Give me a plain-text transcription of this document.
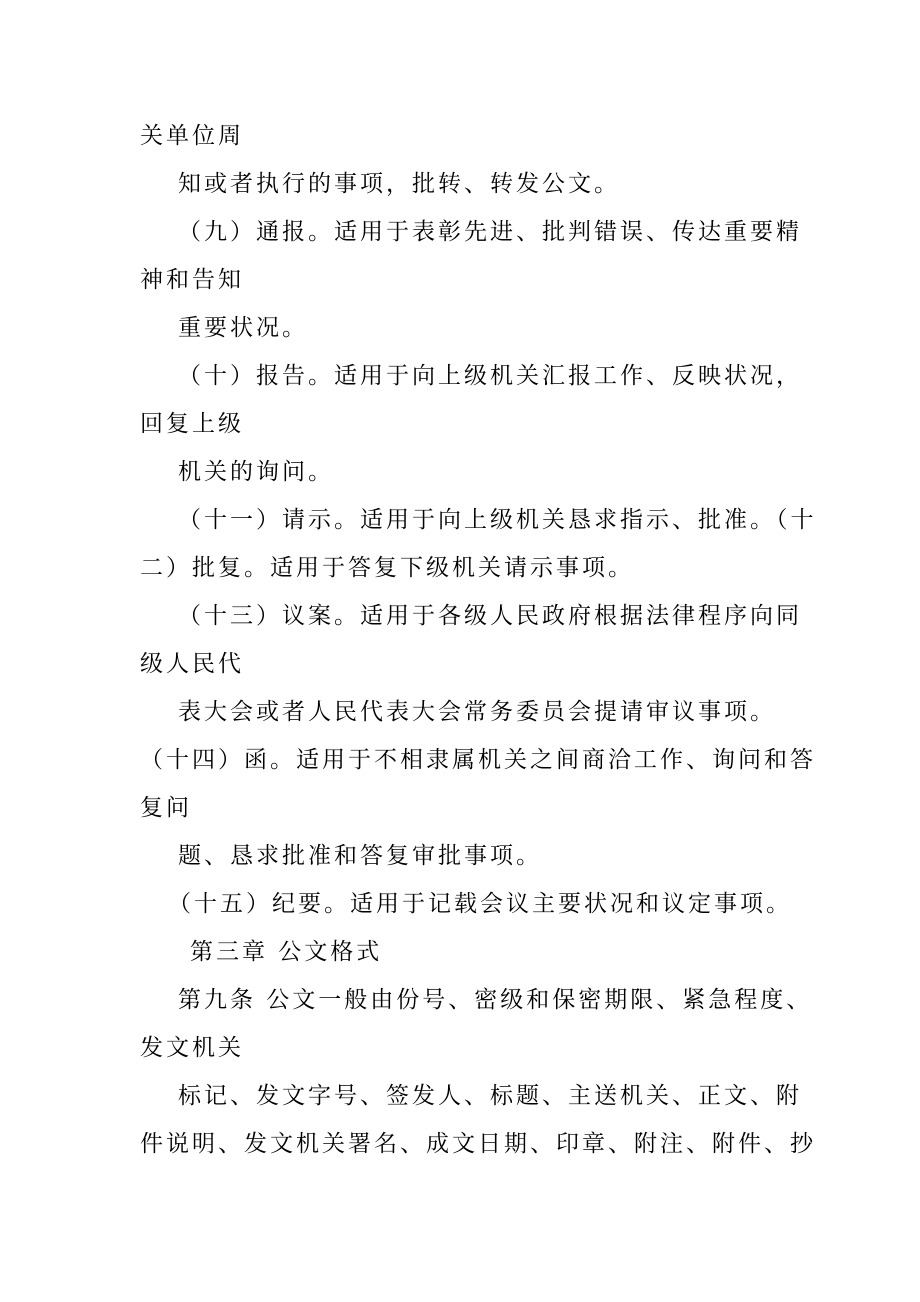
关单位周

知或者执行的事项，批转、转发公文。

（九）通报。适用于表彰先进、批判错误、传达重要精

神和告知

重要状况。

（十）报告。适用于向上级机关汇报工作、反映状况，

回复上级

机关的询问。

（十一）请示。适用于向上级机关恳求指示、批准。（十

二）批复。适用于答复下级机关请示事项。

（十三）议案。适用于各级人民政府根据法律程序向同

级人民代

表大会或者人民代表大会常务委员会提请审议事项。

（十四）函。适用于不相隶属机关之间商洽工作、询问和答

复问

题、恳求批准和答复审批事项。

（十五）纪要。适用于记载会议主要状况和议定事项。

第三章 公文格式

第九条 公文一般由份号、密级和保密期限、紧急程度、

发文机关

标记、发文字号、签发人、标题、主送机关、正文、附

件说明、发文机关署名、成文日期、印章、附注、附件、抄
